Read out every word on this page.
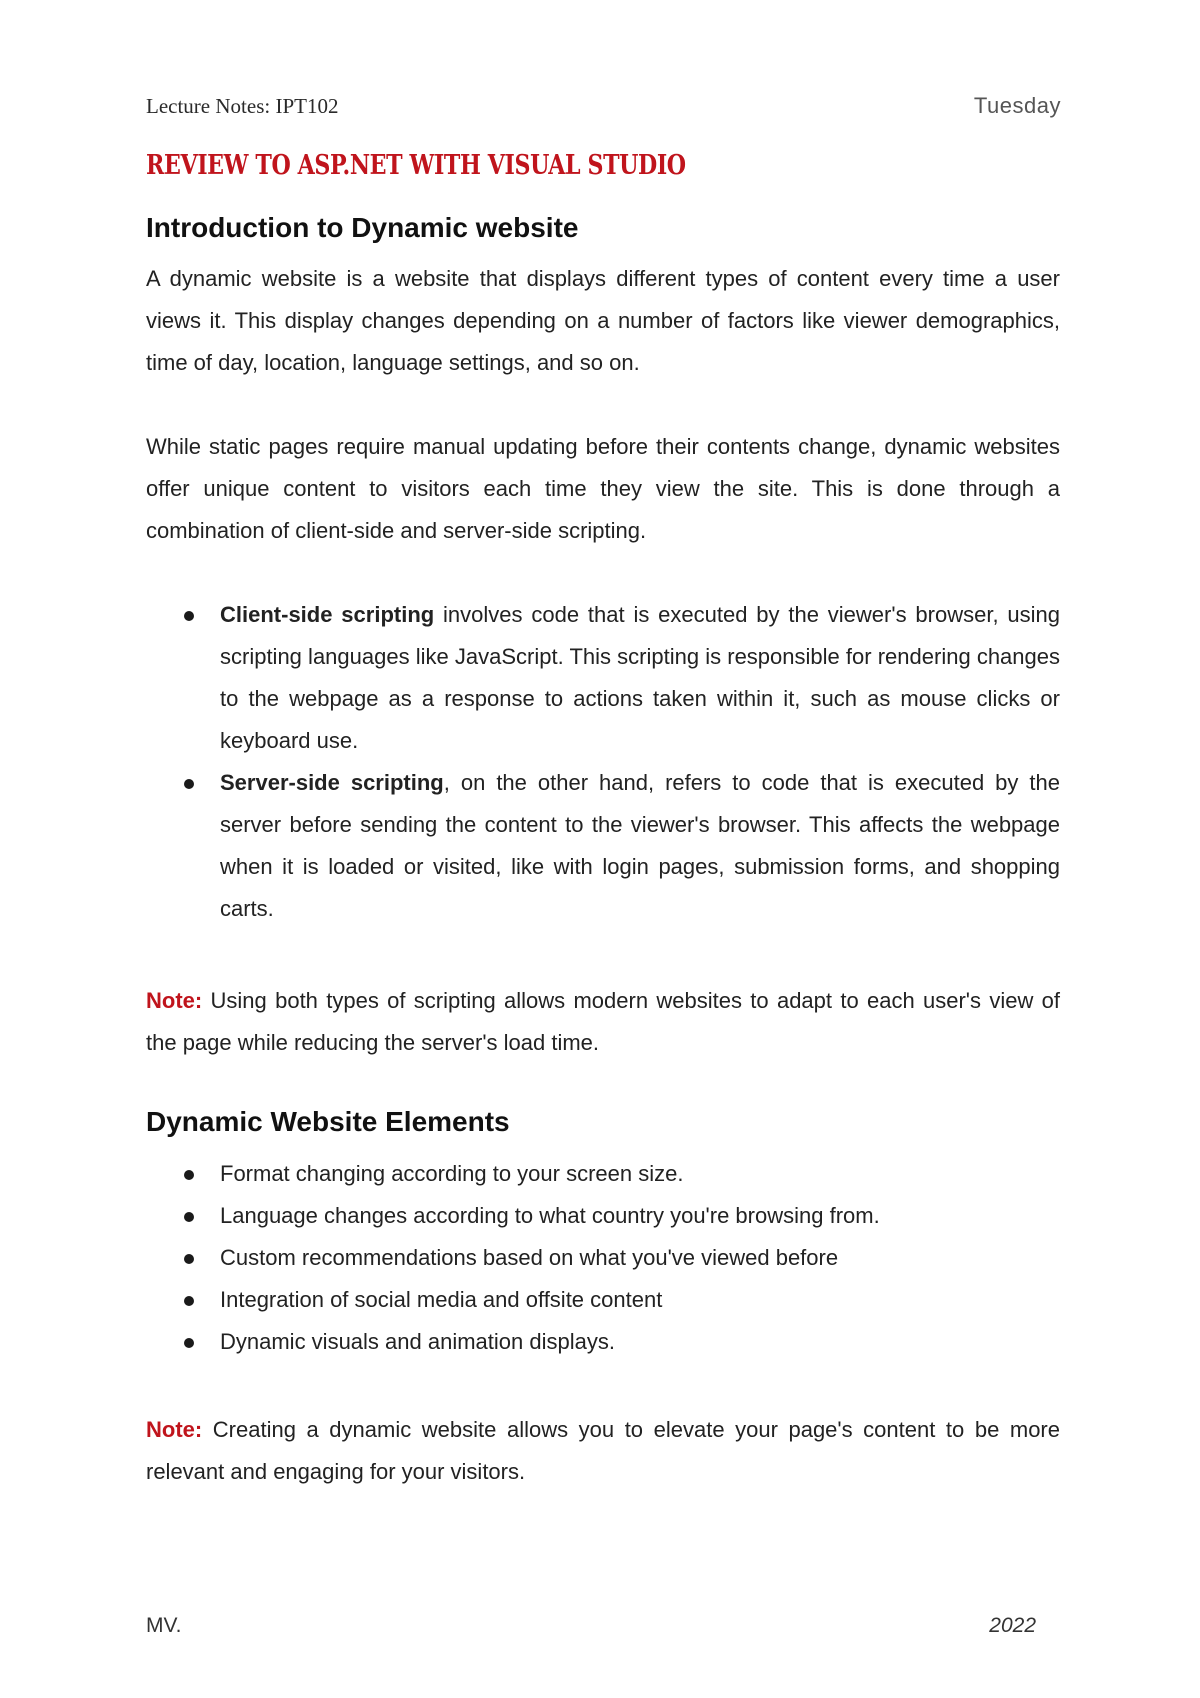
Lecture Notes: IPT102	Tuesday
REVIEW TO ASP.NET WITH VISUAL STUDIO
Introduction to Dynamic website

A dynamic website is a website that displays different types of content every time a user views it. This display changes depending on a number of factors like viewer demographics, time of day, location, language settings, and so on.

While static pages require manual updating before their contents change, dynamic websites offer unique content to visitors each time they view the site. This is done through a combination of client-side and server-side scripting.

Client-side scripting involves code that is executed by the viewer's browser, using scripting languages like JavaScript. This scripting is responsible for rendering changes to the webpage as a response to actions taken within it, such as mouse clicks or keyboard use.
Server-side scripting, on the other hand, refers to code that is executed by the server before sending the content to the viewer's browser. This affects the webpage when it is loaded or visited, like with login pages, submission forms, and shopping carts.

Note: Using both types of scripting allows modern websites to adapt to each user's view of the page while reducing the server's load time.

Dynamic Website Elements
Format changing according to your screen size.
Language changes according to what country you're browsing from.
Custom recommendations based on what you've viewed before
Integration of social media and offsite content
Dynamic visuals and animation displays.

Note: Creating a dynamic website allows you to elevate your page's content to be more relevant and engaging for your visitors.

MV.	2022
